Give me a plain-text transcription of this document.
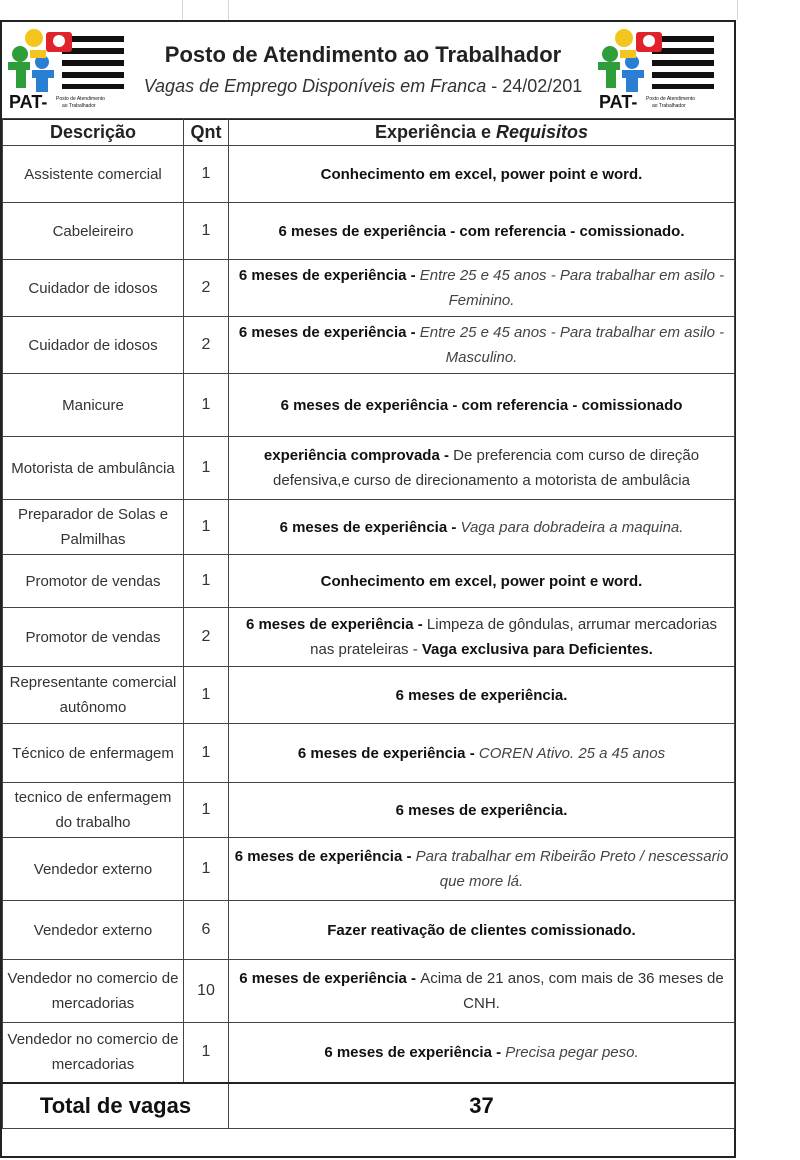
PAT- Posto de Atendimento
ao Trabalhador
Posto de Atendimento ao Trabalhador
Vagas de Emprego Disponíveis em Franca - 24/02/201
PAT- Posto de Atendimento
ao Trabalhador
Descrição	Qnt	Experiência e Requisitos
Assistente comercial	1	Conhecimento em excel, power point e word.
Cabeleireiro	1	6 meses de experiência - com referencia - comissionado.
Cuidador de idosos	2	6 meses de experiência - Entre 25 e 45 anos - Para trabalhar em asilo - Feminino.
Cuidador de idosos	2	6 meses de experiência - Entre 25 e 45 anos - Para trabalhar em asilo - Masculino.
Manicure	1	6 meses de experiência - com referencia - comissionado
Motorista de ambulância	1	experiência comprovada - De preferencia com curso de direção defensiva,e curso de direcionamento a motorista de ambulâcia
Preparador de Solas e Palmilhas	1	6 meses de experiência - Vaga para dobradeira a maquina.
Promotor de vendas	1	Conhecimento em excel, power point e word.
Promotor de vendas	2	6 meses de experiência - Limpeza de gôndulas, arrumar mercadorias nas prateleiras - Vaga exclusiva para Deficientes.
Representante comercial autônomo	1	6 meses de experiência.
Técnico de enfermagem	1	6 meses de experiência - COREN Ativo. 25 a 45 anos
tecnico de enfermagem do trabalho	1	6 meses de experiência.
Vendedor externo	1	6 meses de experiência - Para trabalhar em Ribeirão Preto / nescessario que more lá.
Vendedor externo	6	Fazer reativação de clientes comissionado.
Vendedor no comercio de mercadorias	10	6 meses de experiência - Acima de 21 anos, com mais de 36 meses de CNH.
Vendedor no comercio de mercadorias	1	6 meses de experiência - Precisa pegar peso.
Total de vagas		37
